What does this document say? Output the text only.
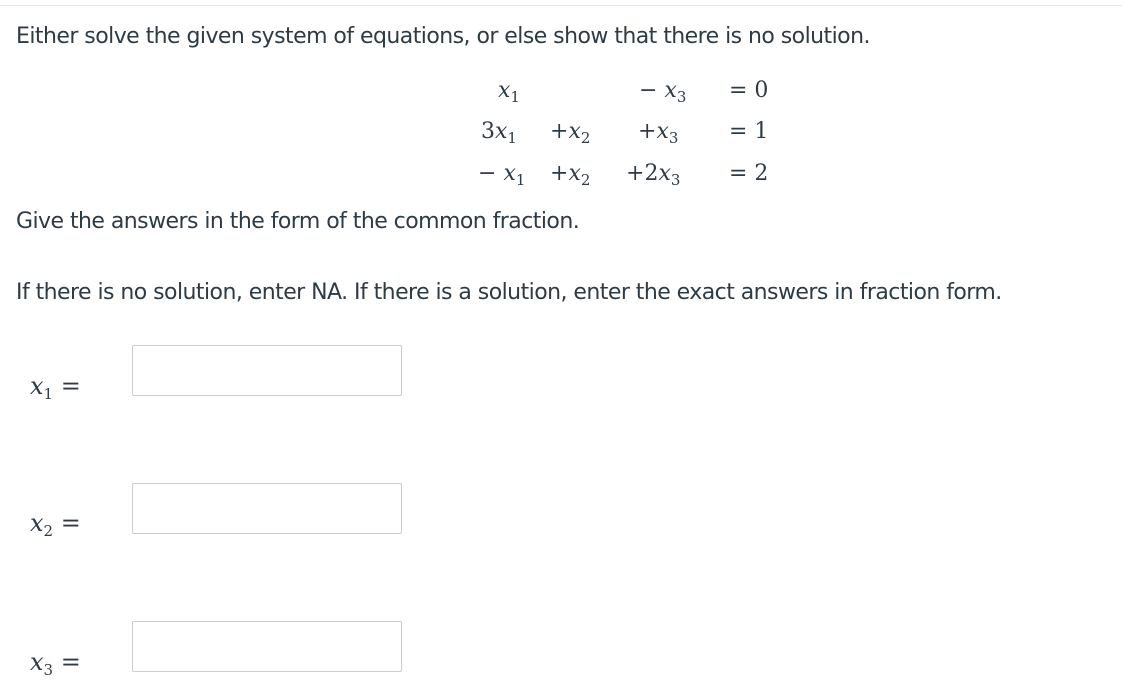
Either solve the given system of equations, or else show that there is no solution.
$x_1$	− $x_3 = 0$
$3x_1 +x_2 +x_3 = 1$
− $x_1 +x_2 +2x_3 = 2$
Give the answers in the form of the common fraction.
If there is no solution, enter NA. If there is a solution, enter the exact answers in fraction form.
$x_1$ =
$x_2$ =
$x_3$ =
